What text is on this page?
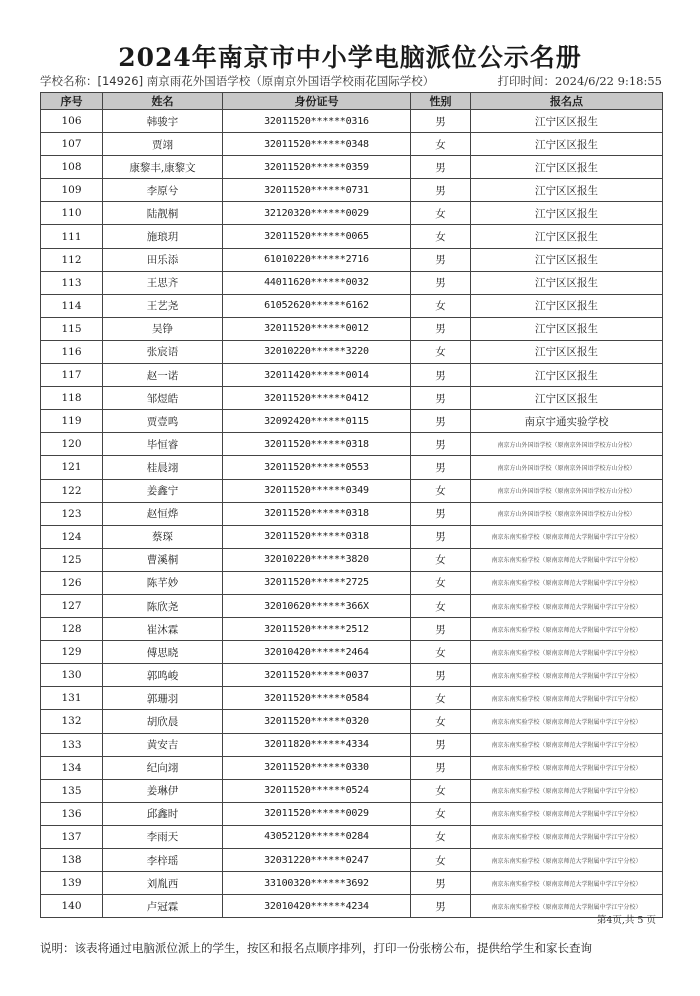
2024年南京市中小学电脑派位公示名册
学校名称：[14926] 南京雨花外国语学校（原南京外国语学校雨花国际学校）	打印时间：2024/6/22 9:18:55
序号	姓名	身份证号	性别	报名点
106	韩骏宇	32011520******0316	男	江宁区区报生
107	贾翊	32011520******0348	女	江宁区区报生
108	康黎丰,康黎文	32011520******0359	男	江宁区区报生
109	李原兮	32011520******0731	男	江宁区区报生
110	陆靓桐	32120320******0029	女	江宁区区报生
111	施琅玥	32011520******0065	女	江宁区区报生
112	田乐添	61010220******2716	男	江宁区区报生
113	王思齐	44011620******0032	男	江宁区区报生
114	王艺尧	61052620******6162	女	江宁区区报生
115	吴铮	32011520******0012	男	江宁区区报生
116	张宸语	32010220******3220	女	江宁区区报生
117	赵一诺	32011420******0014	男	江宁区区报生
118	邹煜皓	32011520******0412	男	江宁区区报生
119	贾壹鸣	32092420******0115	男	南京宇通实验学校
120	毕恒睿	32011520******0318	男	南京方山外国语学校（原南京外国语学校方山分校）
121	桂晨翊	32011520******0553	男	南京方山外国语学校（原南京外国语学校方山分校）
122	姜鑫宁	32011520******0349	女	南京方山外国语学校（原南京外国语学校方山分校）
123	赵恒烨	32011520******0318	男	南京方山外国语学校（原南京外国语学校方山分校）
124	蔡琛	32011520******0318	男	南京东南实验学校（原南京师范大学附属中学江宁分校）
125	曹溪桐	32010220******3820	女	南京东南实验学校（原南京师范大学附属中学江宁分校）
126	陈芊妙	32011520******2725	女	南京东南实验学校（原南京师范大学附属中学江宁分校）
127	陈欣尧	32010620******366X	女	南京东南实验学校（原南京师范大学附属中学江宁分校）
128	崔沐霖	32011520******2512	男	南京东南实验学校（原南京师范大学附属中学江宁分校）
129	傅思晓	32010420******2464	女	南京东南实验学校（原南京师范大学附属中学江宁分校）
130	郭鸣峻	32011520******0037	男	南京东南实验学校（原南京师范大学附属中学江宁分校）
131	郭珊羽	32011520******0584	女	南京东南实验学校（原南京师范大学附属中学江宁分校）
132	胡欣晨	32011520******0320	女	南京东南实验学校（原南京师范大学附属中学江宁分校）
133	黄安吉	32011820******4334	男	南京东南实验学校（原南京师范大学附属中学江宁分校）
134	纪向翊	32011520******0330	男	南京东南实验学校（原南京师范大学附属中学江宁分校）
135	姜琳伊	32011520******0524	女	南京东南实验学校（原南京师范大学附属中学江宁分校）
136	邱鑫时	32011520******0029	女	南京东南实验学校（原南京师范大学附属中学江宁分校）
137	李雨天	43052120******0284	女	南京东南实验学校（原南京师范大学附属中学江宁分校）
138	李梓瑶	32031220******0247	女	南京东南实验学校（原南京师范大学附属中学江宁分校）
139	刘胤西	33100320******3692	男	南京东南实验学校（原南京师范大学附属中学江宁分校）
140	卢冠霖	32010420******4234	男	南京东南实验学校（原南京师范大学附属中学江宁分校）
第4页,共 5 页
说明：该表将通过电脑派位派上的学生，按区和报名点顺序排列，打印一份张榜公布，提供给学生和家长查询
